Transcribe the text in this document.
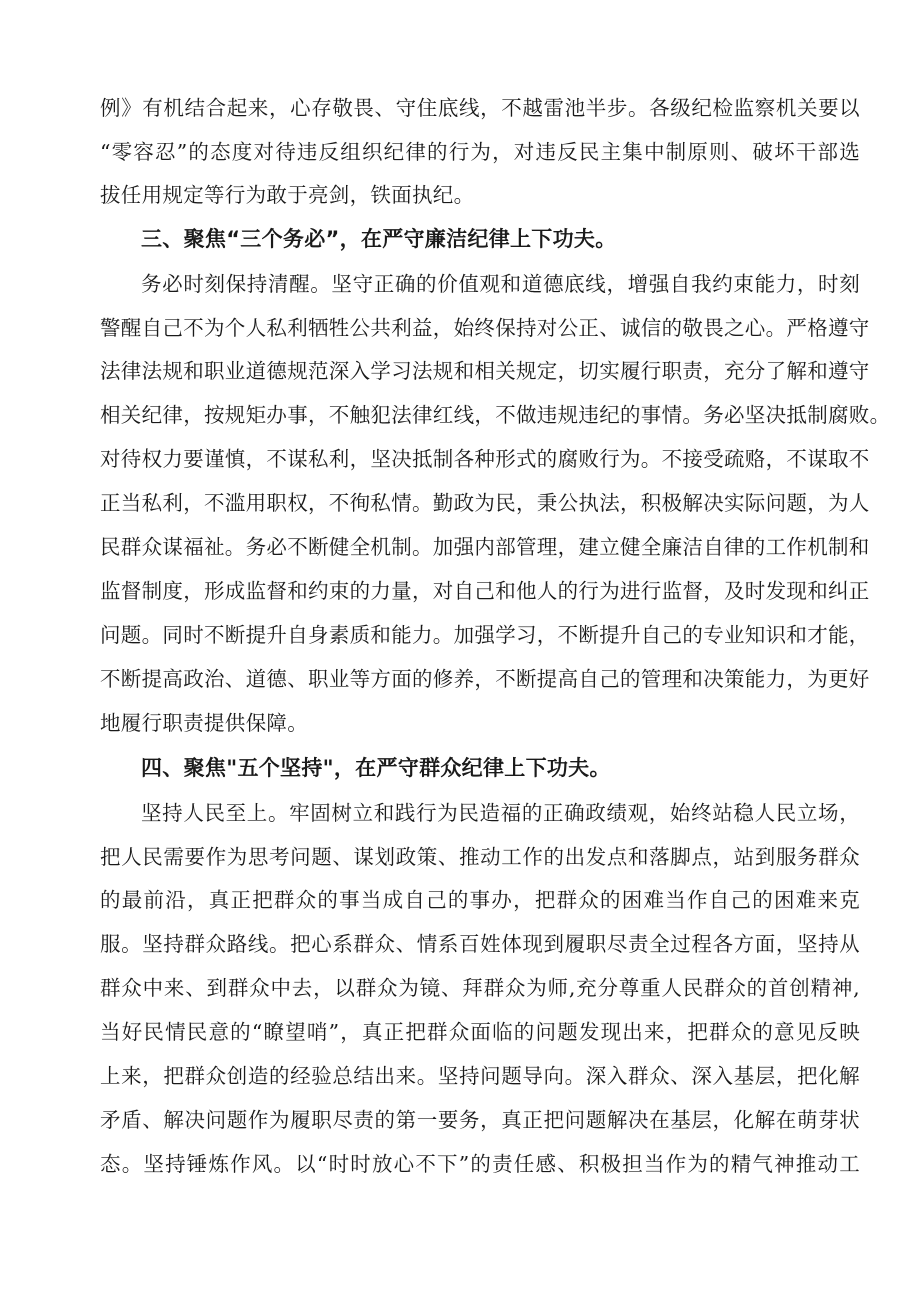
例》有机结合起来，心存敬畏、守住底线，不越雷池半步。各级纪检监察机关要以
“零容忍”的态度对待违反组织纪律的行为，对违反民主集中制原则、破坏干部选
拔任用规定等行为敢于亮剑，铁面执纪。
三、聚焦“三个务必”，在严守廉洁纪律上下功夫。
务必时刻保持清醒。坚守正确的价值观和道德底线，增强自我约束能力，时刻
警醒自己不为个人私利牺牲公共利益，始终保持对公正、诚信的敬畏之心。严格遵守
法律法规和职业道德规范深入学习法规和相关规定，切实履行职责，充分了解和遵守
相关纪律，按规矩办事，不触犯法律红线，不做违规违纪的事情。务必坚决抵制腐败。
对待权力要谨慎，不谋私利，坚决抵制各种形式的腐败行为。不接受疏赂，不谋取不
正当私利，不滥用职权，不徇私情。勤政为民，秉公执法，积极解决实际问题，为人
民群众谋福祉。务必不断健全机制。加强内部管理，建立健全廉洁自律的工作机制和
监督制度，形成监督和约束的力量，对自己和他人的行为进行监督，及时发现和纠正
问题。同时不断提升自身素质和能力。加强学习，不断提升自己的专业知识和才能，
不断提高政治、道德、职业等方面的修养，不断提高自己的管理和决策能力，为更好
地履行职责提供保障。
四、聚焦"五个坚持"，在严守群众纪律上下功夫。
坚持人民至上。牢固树立和践行为民造福的正确政绩观，始终站稳人民立场，
把人民需要作为思考问题、谋划政策、推动工作的出发点和落脚点，站到服务群众
的最前沿，真正把群众的事当成自己的事办，把群众的困难当作自己的困难来克
服。坚持群众路线。把心系群众、情系百姓体现到履职尽责全过程各方面，坚持从
群众中来、到群众中去，以群众为镜、拜群众为师,充分尊重人民群众的首创精神,
当好民情民意的“瞭望哨”，真正把群众面临的问题发现出来，把群众的意见反映
上来，把群众创造的经验总结出来。坚持问题导向。深入群众、深入基层，把化解
矛盾、解决问题作为履职尽责的第一要务，真正把问题解决在基层，化解在萌芽状
态。坚持锤炼作风。以“时时放心不下”的责任感、积极担当作为的精气神推动工
